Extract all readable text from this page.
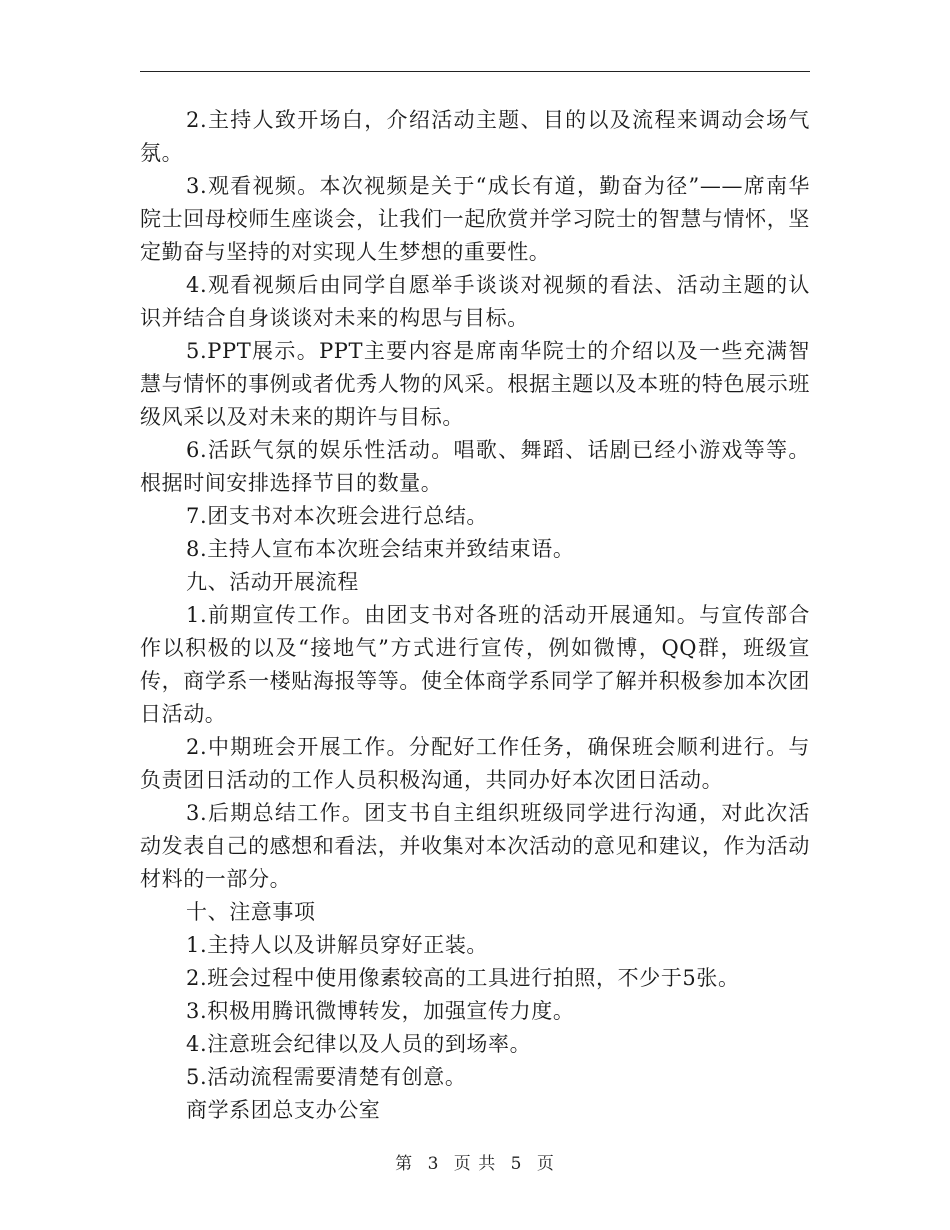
2.主持人致开场白，介绍活动主题、目的以及流程来调动会场气氛。

3.观看视频。本次视频是关于“成长有道，勤奋为径”——席南华院士回母校师生座谈会，让我们一起欣赏并学习院士的智慧与情怀，坚定勤奋与坚持的对实现人生梦想的重要性。

4.观看视频后由同学自愿举手谈谈对视频的看法、活动主题的认识并结合自身谈谈对未来的构思与目标。

5.PPT展示。PPT主要内容是席南华院士的介绍以及一些充满智慧与情怀的事例或者优秀人物的风采。根据主题以及本班的特色展示班级风采以及对未来的期许与目标。

6.活跃气氛的娱乐性活动。唱歌、舞蹈、话剧已经小游戏等等。根据时间安排选择节目的数量。

7.团支书对本次班会进行总结。

8.主持人宣布本次班会结束并致结束语。

九、活动开展流程

1.前期宣传工作。由团支书对各班的活动开展通知。与宣传部合作以积极的以及“接地气”方式进行宣传，例如微博，QQ群，班级宣传，商学系一楼贴海报等等。使全体商学系同学了解并积极参加本次团日活动。

2.中期班会开展工作。分配好工作任务，确保班会顺利进行。与负责团日活动的工作人员积极沟通，共同办好本次团日活动。

3.后期总结工作。团支书自主组织班级同学进行沟通，对此次活动发表自己的感想和看法，并收集对本次活动的意见和建议，作为活动材料的一部分。

十、注意事项

1.主持人以及讲解员穿好正装。

2.班会过程中使用像素较高的工具进行拍照，不少于5张。

3.积极用腾讯微博转发，加强宣传力度。

4.注意班会纪律以及人员的到场率。

5.活动流程需要清楚有创意。

商学系团总支办公室

第 3 页 共 5 页
